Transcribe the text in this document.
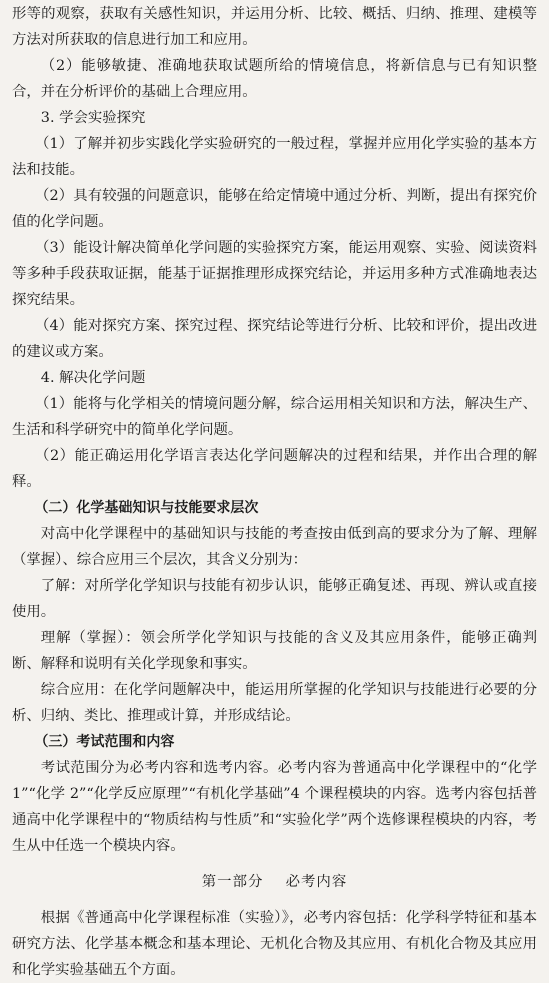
形等的观察，获取有关感性知识，并运用分析、比较、概括、归纳、推理、建模等方法对所获取的信息进行加工和应用。

（2）能够敏捷、准确地获取试题所给的情境信息，将新信息与已有知识整合，并在分析评价的基础上合理应用。

3. 学会实验探究

（1）了解并初步实践化学实验研究的一般过程，掌握并应用化学实验的基本方法和技能。

（2）具有较强的问题意识，能够在给定情境中通过分析、判断，提出有探究价值的化学问题。

（3）能设计解决简单化学问题的实验探究方案，能运用观察、实验、阅读资料等多种手段获取证据，能基于证据推理形成探究结论，并运用多种方式准确地表达探究结果。

（4）能对探究方案、探究过程、探究结论等进行分析、比较和评价，提出改进的建议或方案。

4. 解决化学问题

（1）能将与化学相关的情境问题分解，综合运用相关知识和方法，解决生产、生活和科学研究中的简单化学问题。

（2）能正确运用化学语言表达化学问题解决的过程和结果，并作出合理的解释。

（二）化学基础知识与技能要求层次

对高中化学课程中的基础知识与技能的考查按由低到高的要求分为了解、理解（掌握）、综合应用三个层次，其含义分别为：

了解：对所学化学知识与技能有初步认识，能够正确复述、再现、辨认或直接使用。

理解（掌握）：领会所学化学知识与技能的含义及其应用条件，能够正确判断、解释和说明有关化学现象和事实。

综合应用：在化学问题解决中，能运用所掌握的化学知识与技能进行必要的分析、归纳、类比、推理或计算，并形成结论。

（三）考试范围和内容

考试范围分为必考内容和选考内容。必考内容为普通高中化学课程中的“化学 1”“化学 2”“化学反应原理”“有机化学基础”4 个课程模块的内容。选考内容包括普通高中化学课程中的“物质结构与性质”和“实验化学”两个选修课程模块的内容，考生从中任选一个模块内容。

第一部分    必考内容

根据《普通高中化学课程标准（实验）》，必考内容包括：化学科学特征和基本研究方法、化学基本概念和基本理论、无机化合物及其应用、有机化合物及其应用和化学实验基础五个方面。
